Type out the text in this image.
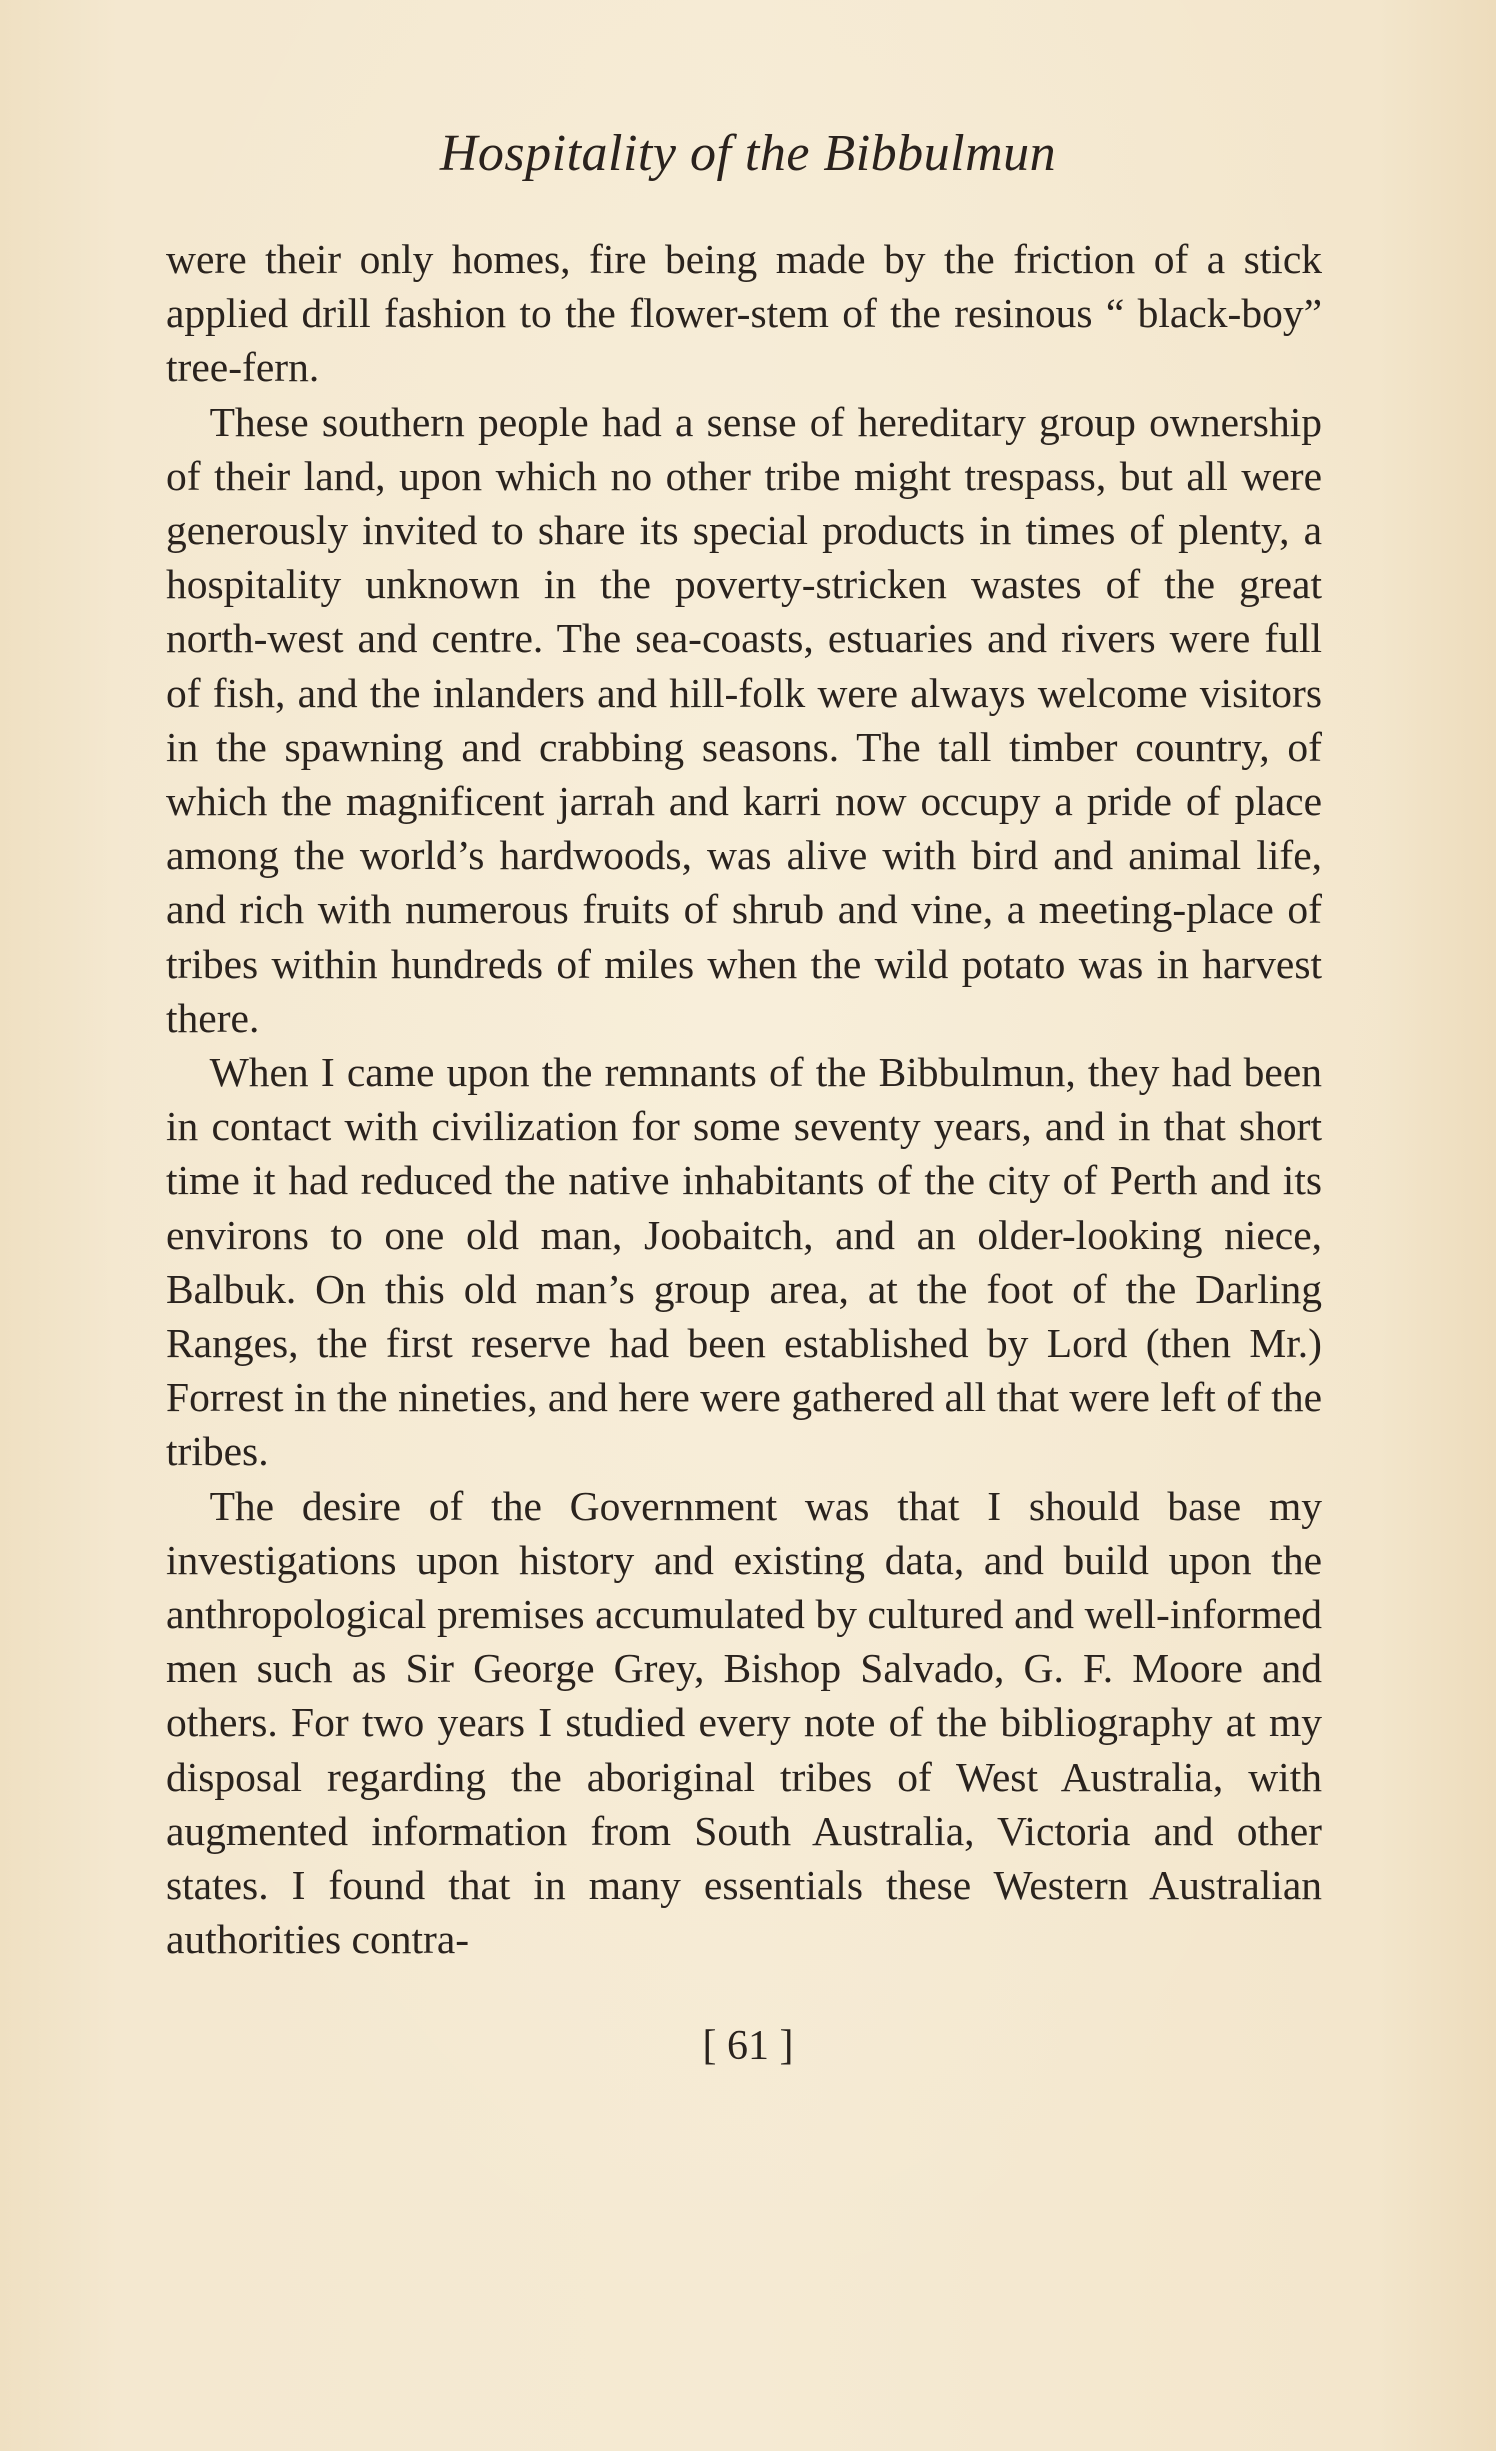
Hospitality of the Bibbulmun

were their only homes, fire being made by the friction of a stick applied drill fashion to the flower-stem of the resinous “ black-boy” tree-fern.

These southern people had a sense of hereditary group ownership of their land, upon which no other tribe might trespass, but all were generously invited to share its special products in times of plenty, a hospitality unknown in the poverty-stricken wastes of the great north-west and centre. The sea-coasts, estuaries and rivers were full of fish, and the inlanders and hill-folk were always welcome visitors in the spawning and crabbing seasons. The tall timber country, of which the magnificent jarrah and karri now occupy a pride of place among the world’s hardwoods, was alive with bird and animal life, and rich with numerous fruits of shrub and vine, a meeting-place of tribes within hundreds of miles when the wild potato was in harvest there.

When I came upon the remnants of the Bibbulmun, they had been in contact with civilization for some seventy years, and in that short time it had reduced the native inhabitants of the city of Perth and its environs to one old man, Joobaitch, and an older-looking niece, Balbuk. On this old man’s group area, at the foot of the Darling Ranges, the first reserve had been established by Lord (then Mr.) Forrest in the nineties, and here were gathered all that were left of the tribes.

The desire of the Government was that I should base my investigations upon history and existing data, and build upon the anthropological premises accumulated by cultured and well-informed men such as Sir George Grey, Bishop Salvado, G. F. Moore and others. For two years I studied every note of the bibliography at my disposal regarding the aboriginal tribes of West Australia, with augmented information from South Australia, Victoria and other states. I found that in many essentials these Western Australian authorities contra-

[ 61 ]
